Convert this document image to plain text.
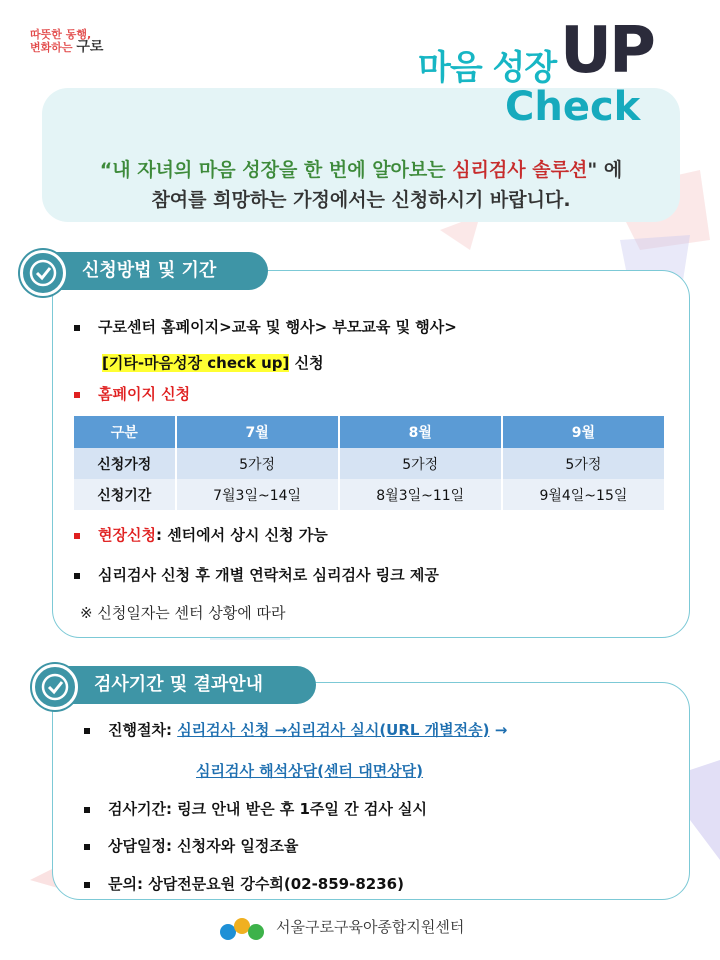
따뜻한 동행,
변화하는 구로
마음 성장 UP
Check
“내 자녀의 마음 성장을 한 번에 알아보는 심리검사 솔루션" 에
참여를 희망하는 가정에서는 신청하시기 바랍니다.
신청방법 및 기간
구로센터 홈페이지>교육 및 행사> 부모교육 및 행사>
[기타-마음성장 check up] 신청
홈페이지 신청
구분	7월	8월	9월
신청가정	5가정	5가정	5가정
신청기간	7월3일~14일	8월3일~11일	9월4일~15일
현장신청: 센터에서 상시 신청 가능
심리검사 신청 후 개별 연락처로 심리검사 링크 제공
※ 신청일자는 센터 상황에 따라
검사기간 및 결과안내
진행절차: 심리검사 신청 →심리검사 실시(URL 개별전송) →
심리검사 해석상담(센터 대면상담)
검사기간: 링크 안내 받은 후 1주일 간 검사 실시
상담일정: 신청자와 일정조율
문의: 상담전문요원 강수희(02-859-8236)
서울구로구육아종합지원센터
